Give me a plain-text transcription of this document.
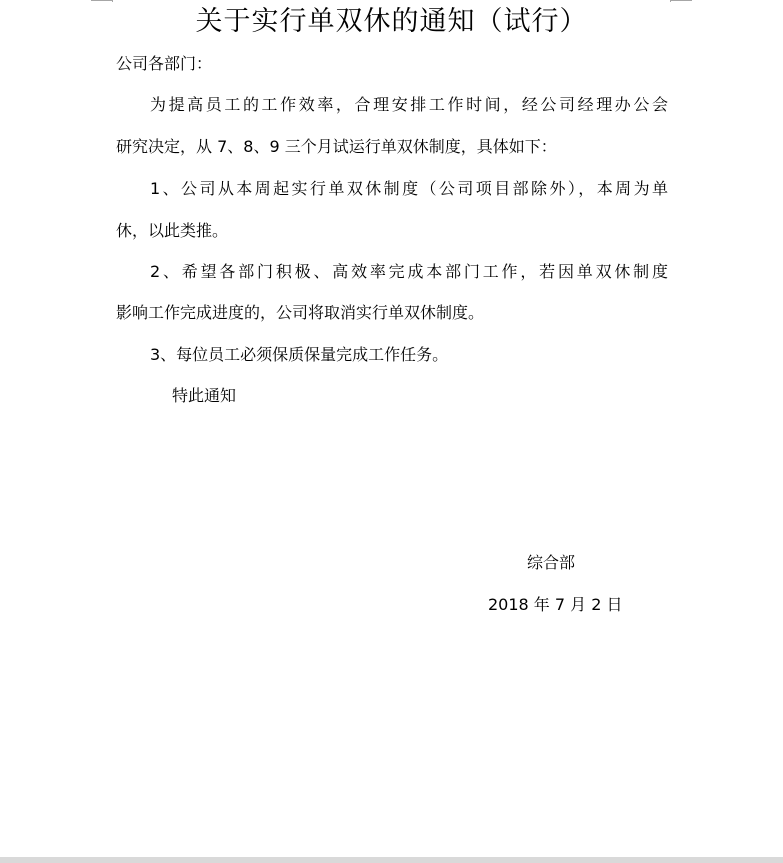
关于实行单双休的通知（试行）
公司各部门：
为提高员工的工作效率，合理安排工作时间，经公司经理办公会
研究决定，从 7、8、9 三个月试运行单双休制度，具体如下：
1、公司从本周起实行单双休制度（公司项目部除外），本周为单
休，以此类推。
2、希望各部门积极、高效率完成本部门工作，若因单双休制度
影响工作完成进度的，公司将取消实行单双休制度。
3、每位员工必须保质保量完成工作任务。
特此通知
综合部
2018 年 7 月 2 日
